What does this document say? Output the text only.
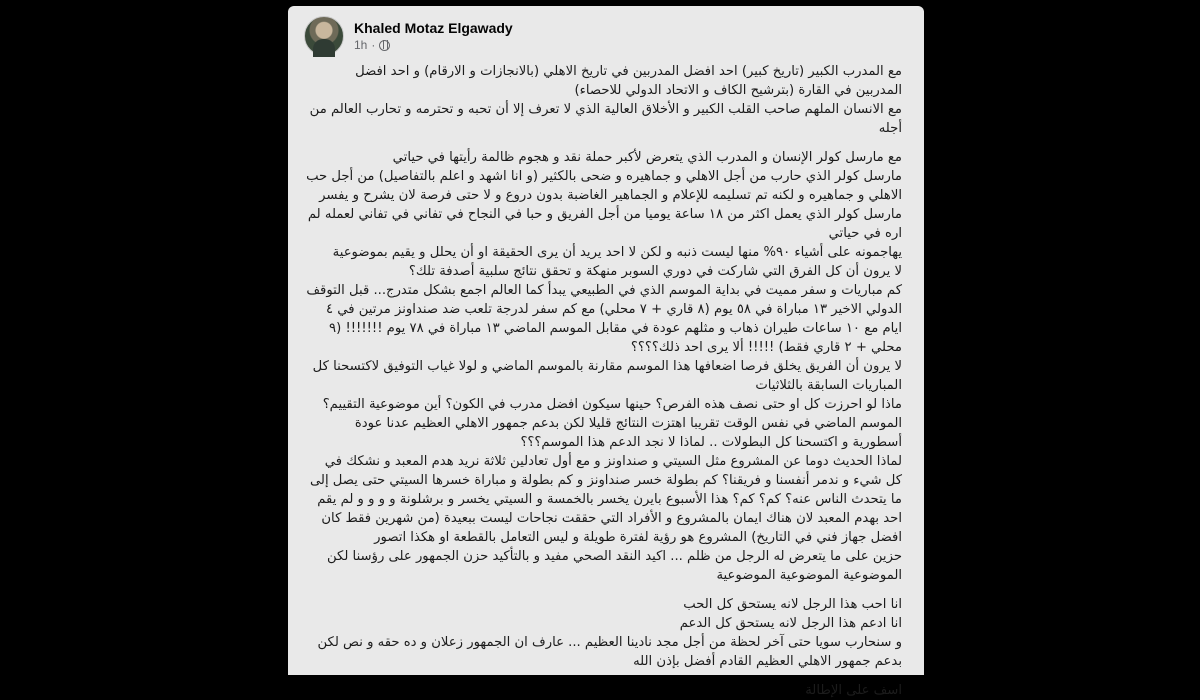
Khaled Motaz Elgawady
1h ·

مع المدرب الكبير (تاريخ كبير) احد افضل المدربين في تاريخ الاهلي (بالانجازات و الارقام) و احد افضل المدربين في القارة (بترشيح الكاف و الاتحاد الدولي للاحصاء)

مع الانسان الملهم صاحب القلب الكبير و الأخلاق العالية الذي لا تعرف إلا أن تحبه و تحترمه و تحارب العالم من أجله

مع مارسل كولر الإنسان و المدرب الذي يتعرض لأكبر حملة نقد و هجوم ظالمة رأيتها في حياتي

مارسل كولر الذي حارب من أجل الاهلي و جماهيره و ضحى بالكثير (و انا اشهد و اعلم بالتفاصيل) من أجل حب الاهلي و جماهيره و لكنه تم تسليمه للإعلام و الجماهير الغاضبة بدون دروع و لا حتى فرصة لان يشرح و يفسر

مارسل كولر الذي يعمل اكثر من ١٨ ساعة يوميا من أجل الفريق و حبا في النجاح في تفاني في تفاني لعمله لم اره في حياتي

يهاجمونه على أشياء ٩٠% منها ليست ذنبه و لكن لا احد يريد أن يرى الحقيقة او أن يحلل و يقيم بموضوعية

لا يرون أن كل الفرق التي شاركت في دوري السوبر منهكة و تحقق نتائج سلبية أصدفة تلك؟

كم مباريات و سفر مميت في بداية الموسم الذي في الطبيعي يبدأ كما العالم اجمع بشكل متدرج... قبل التوقف الدولي الاخير ١٣ مباراة في ٥٨ يوم (٨ قاري + ٧ محلي) مع كم سفر لدرجة تلعب ضد صنداونز مرتين في ٤ ايام مع ١٠ ساعات طيران ذهاب و مثلهم عودة في مقابل الموسم الماضي ١٣ مباراة في ٧٨ يوم !!!!!!! (٩ محلي + ٢ قاري فقط) !!!!! ألا يرى احد ذلك؟؟؟؟

لا يرون أن الفريق يخلق فرصا اضعافها هذا الموسم مقارنة بالموسم الماضي و لولا غياب التوفيق لاكتسحنا كل المباريات السابقة بالثلاثيات

ماذا لو احرزت كل او حتى نصف هذه الفرص؟ حينها سيكون افضل مدرب في الكون؟ أين موضوعية التقييم؟

الموسم الماضي في نفس الوقت تقريبا اهتزت النتائج قليلا لكن بدعم جمهور الاهلي العظيم عدنا عودة أسطورية و اكتسحنا كل البطولات .. لماذا لا نجد الدعم هذا الموسم؟؟؟

لماذا الحديث دوما عن المشروع مثل السيتي و صنداونز و مع أول تعادلين ثلاثة نريد هدم المعبد و نشكك في كل شيء و ندمر أنفسنا و فريقنا؟ كم بطولة خسر صنداونز و كم بطولة و مباراة خسرها السيتي حتى يصل إلى ما يتحدث الناس عنه؟ كم؟ كم؟ هذا الأسبوع بايرن يخسر بالخمسة و السيتي يخسر و برشلونة و و و و لم يقم احد بهدم المعبد لان هناك ايمان بالمشروع و الأفراد التي حققت نجاحات ليست ببعيدة (من شهرين فقط كان افضل جهاز فني في التاريخ) المشروع هو رؤية لفترة طويلة و ليس التعامل بالقطعة او هكذا اتصور

حزين على ما يتعرض له الرجل من ظلم ... اكيد النقد الصحي مفيد و بالتأكيد حزن الجمهور على رؤسنا لكن الموضوعية الموضوعية الموضوعية

انا احب هذا الرجل لانه يستحق كل الحب

انا ادعم هذا الرجل لانه يستحق كل الدعم

و سنحارب سويا حتى آخر لحظة من أجل مجد نادينا العظيم ... عارف ان الجمهور زعلان و ده حقه و نص لكن بدعم جمهور الاهلي العظيم القادم أفضل بإذن الله

اسف على الإطالة
